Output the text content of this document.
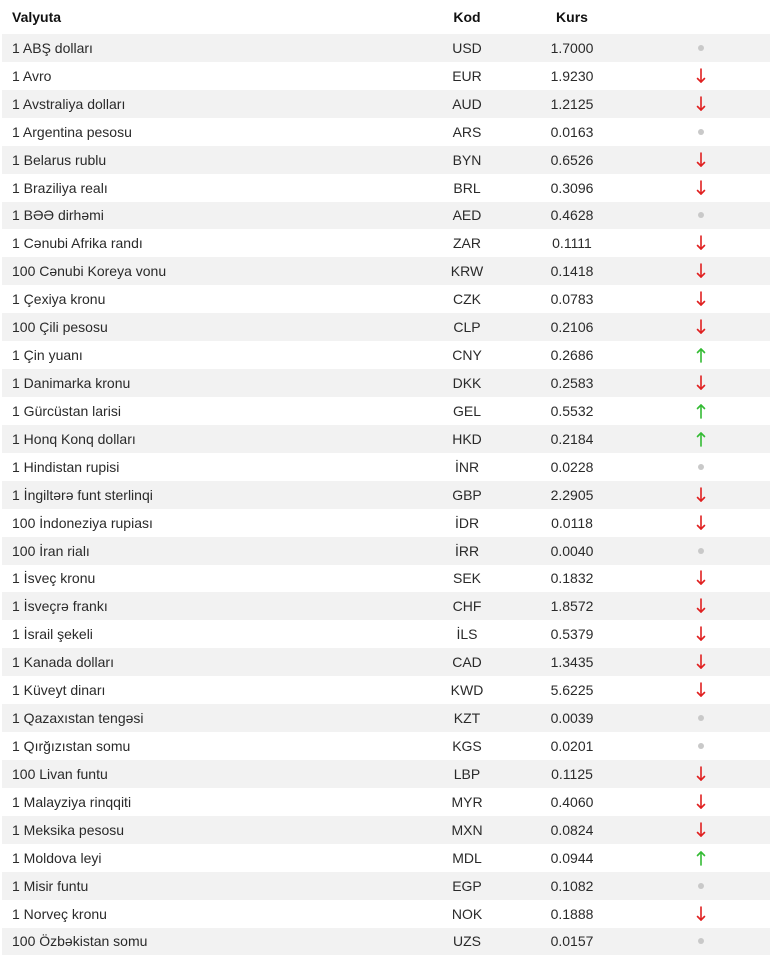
Valyuta	Kod	Kurs
1 ABŞ dolları	USD	1.7000
1 Avro	EUR	1.9230
1 Avstraliya dolları	AUD	1.2125
1 Argentina pesosu	ARS	0.0163
1 Belarus rublu	BYN	0.6526
1 Braziliya realı	BRL	0.3096
1 BƏƏ dirhəmi	AED	0.4628
1 Cənubi Afrika randı	ZAR	0.1111
100 Cənubi Koreya vonu	KRW	0.1418
1 Çexiya kronu	CZK	0.0783
100 Çili pesosu	CLP	0.2106
1 Çin yuanı	CNY	0.2686
1 Danimarka kronu	DKK	0.2583
1 Gürcüstan larisi	GEL	0.5532
1 Honq Konq dolları	HKD	0.2184
1 Hindistan rupisi	İNR	0.0228
1 İngiltərə funt sterlinqi	GBP	2.2905
100 İndoneziya rupiası	İDR	0.0118
100 İran rialı	İRR	0.0040
1 İsveç kronu	SEK	0.1832
1 İsveçrə frankı	CHF	1.8572
1 İsrail şekeli	İLS	0.5379
1 Kanada dolları	CAD	1.3435
1 Küveyt dinarı	KWD	5.6225
1 Qazaxıstan tengəsi	KZT	0.0039
1 Qırğızıstan somu	KGS	0.0201
100 Livan funtu	LBP	0.1125
1 Malayziya rinqqiti	MYR	0.4060
1 Meksika pesosu	MXN	0.0824
1 Moldova leyi	MDL	0.0944
1 Misir funtu	EGP	0.1082
1 Norveç kronu	NOK	0.1888
100 Özbəkistan somu	UZS	0.0157
